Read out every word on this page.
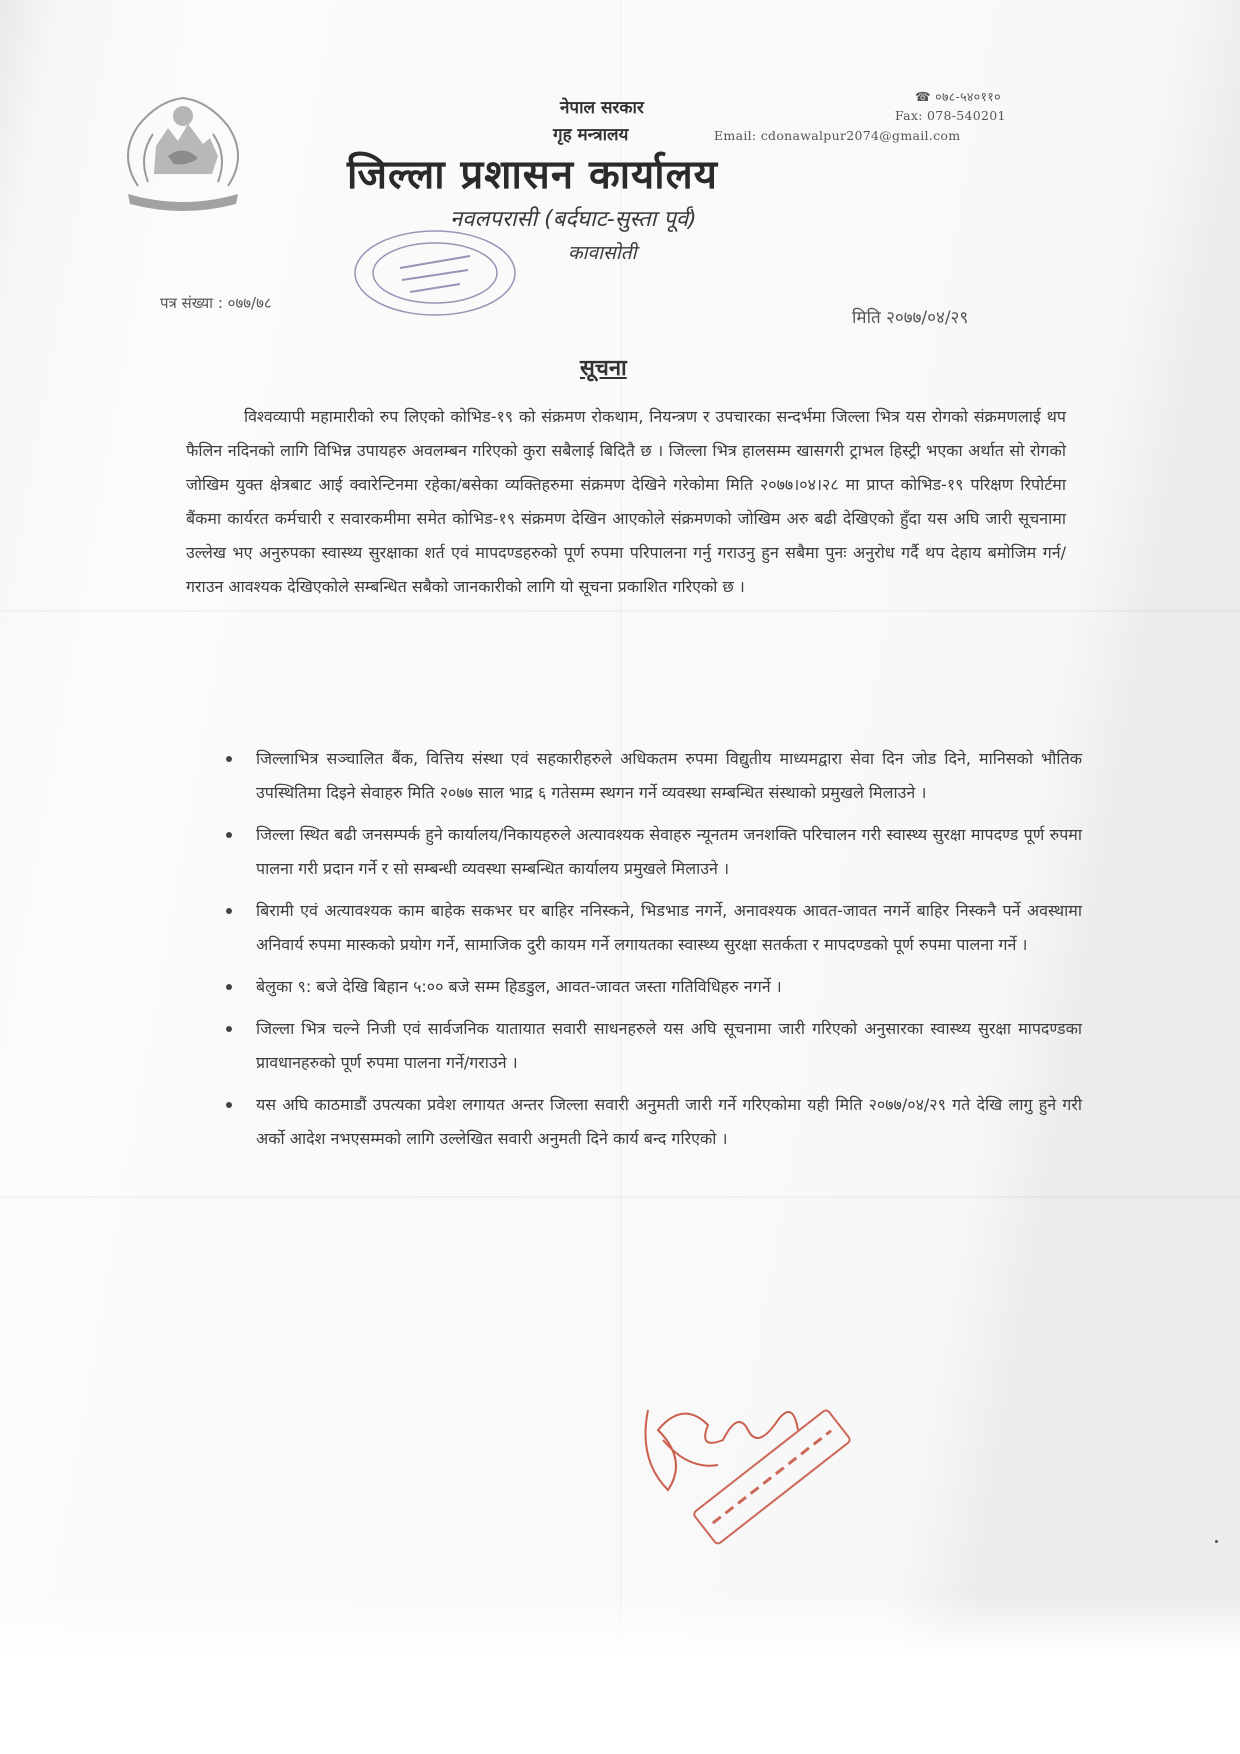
नेपाल सरकार
गृह मन्त्रालय
☎ ०७८-५४०११०
Fax: 078-540201
Email: cdonawalpur2074@gmail.com
जिल्ला प्रशासन कार्यालय
नवलपरासी (बर्दघाट-सुस्ता पूर्व)
कावासोती
पत्र संख्या : ०७७/७८
मिति २०७७/०४/२९
सूचना
विश्वव्यापी महामारीको रुप लिएको कोभिड-१९ को संक्रमण रोकथाम, नियन्त्रण र उपचारका सन्दर्भमा जिल्ला भित्र यस रोगको संक्रमणलाई थप फैलिन नदिनको लागि विभिन्न उपायहरु अवलम्बन गरिएको कुरा सबैलाई बिदितै छ । जिल्ला भित्र हालसम्म खासगरी ट्राभल हिस्ट्री भएका अर्थात सो रोगको जोखिम युक्त क्षेत्रबाट आई क्वारेन्टिनमा रहेका/बसेका व्यक्तिहरुमा संक्रमण देखिने गरेकोमा मिति २०७७।०४।२८ मा प्राप्त कोभिड-१९ परिक्षण रिपोर्टमा बैंकमा कार्यरत कर्मचारी र सवारकमीमा समेत कोभिड-१९ संक्रमण देखिन आएकोले संक्रमणको जोखिम अरु बढी देखिएको हुँदा यस अघि जारी सूचनामा उल्लेख भए अनुरुपका स्वास्थ्य सुरक्षाका शर्त एवं मापदण्डहरुको पूर्ण रुपमा परिपालना गर्नु गराउनु हुन सबैमा पुनः अनुरोध गर्दै थप देहाय बमोजिम गर्न/गराउन आवश्यक देखिएकोले सम्बन्धित सबैको जानकारीको लागि यो सूचना प्रकाशित गरिएको छ ।
जिल्लाभित्र सञ्चालित बैंक, वित्तिय संस्था एवं सहकारीहरुले अधिकतम रुपमा विद्युतीय माध्यमद्वारा सेवा दिन जोड दिने, मानिसको भौतिक उपस्थितिमा दिइने सेवाहरु मिति २०७७ साल भाद्र ६ गतेसम्म स्थगन गर्ने व्यवस्था सम्बन्धित संस्थाको प्रमुखले मिलाउने ।
जिल्ला स्थित बढी जनसम्पर्क हुने कार्यालय/निकायहरुले अत्यावश्यक सेवाहरु न्यूनतम जनशक्ति परिचालन गरी स्वास्थ्य सुरक्षा मापदण्ड पूर्ण रुपमा पालना गरी प्रदान गर्ने र सो सम्बन्धी व्यवस्था सम्बन्धित कार्यालय प्रमुखले मिलाउने ।
बिरामी एवं अत्यावश्यक काम बाहेक सकभर घर बाहिर ननिस्कने, भिडभाड नगर्ने, अनावश्यक आवत-जावत नगर्ने बाहिर निस्कनै पर्ने अवस्थामा अनिवार्य रुपमा मास्कको प्रयोग गर्ने, सामाजिक दुरी कायम गर्ने लगायतका स्वास्थ्य सुरक्षा सतर्कता र मापदण्डको पूर्ण रुपमा पालना गर्ने ।
बेलुका ९: बजे देखि बिहान ५:०० बजे सम्म हिडडुल, आवत-जावत जस्ता गतिविधिहरु नगर्ने ।
जिल्ला भित्र चल्ने निजी एवं सार्वजनिक यातायात सवारी साधनहरुले यस अघि सूचनामा जारी गरिएको अनुसारका स्वास्थ्य सुरक्षा मापदण्डका प्रावधानहरुको पूर्ण रुपमा पालना गर्ने/गराउने ।
यस अघि काठमाडौं उपत्यका प्रवेश लगायत अन्तर जिल्ला सवारी अनुमती जारी गर्ने गरिएकोमा यही मिति २०७७/०४/२९ गते देखि लागु हुने गरी अर्को आदेश नभएसम्मको लागि उल्लेखित सवारी अनुमती दिने कार्य बन्द गरिएको ।
